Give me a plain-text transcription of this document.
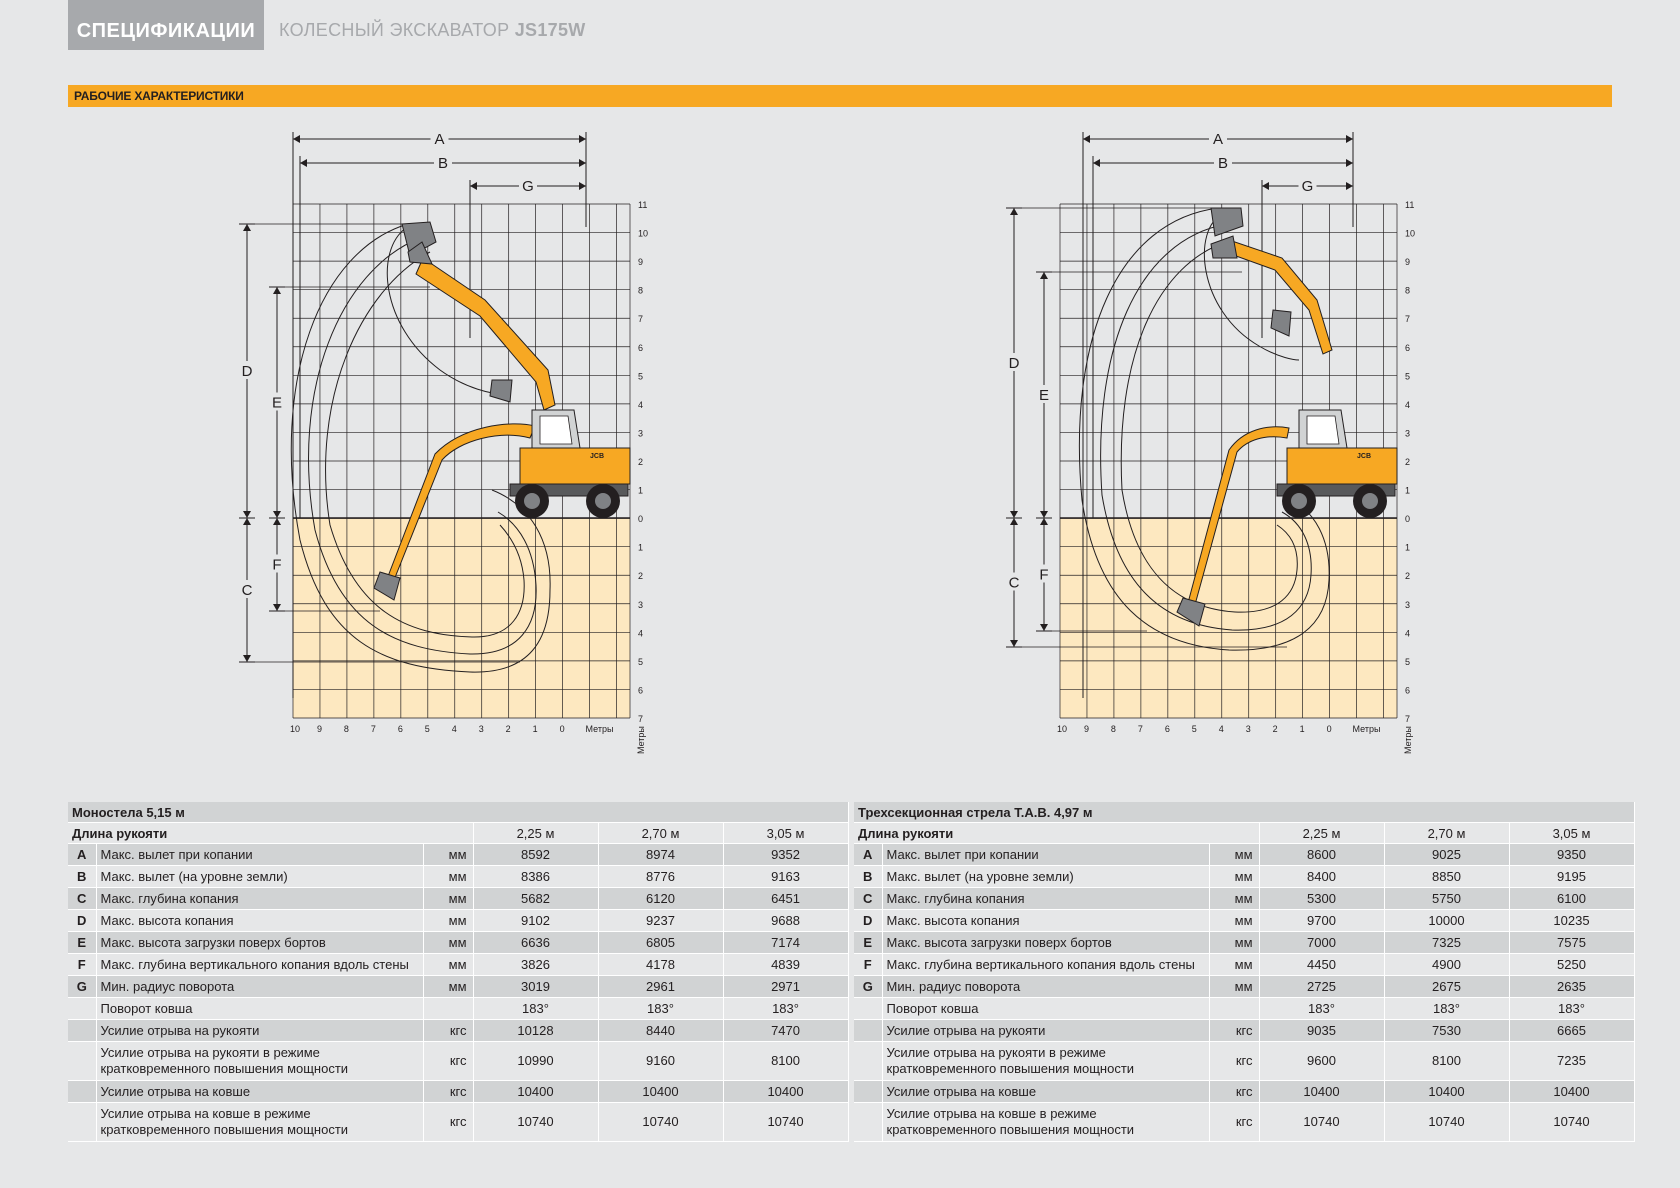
СПЕЦИФИКАЦИИ	КОЛЕСНЫЙ ЭКСКАВАТОР JS175W
РАБОЧИЕ ХАРАКТЕРИСТИКИ
11
10
9
8
7
6
5
4
3
2
1
0
1
2
3
4
5
6
7
10 9 8 7 6 5 4 3 2 1 0 Метры	Метры
A
B
G
D
E
C
F
JCB
11
10
9
8
7
6
5
4
3
2
1
0
1
2
3
4
5
6
7
10 9 8 7 6 5 4 3 2 1 0 Метры	Метры
A
B
G
D
E
C F
JCB
Моностела 5,15 м					
Длина рукояти			2,25 м	2,70 м	3,05 м
A	Макс. вылет при копании	мм	8592	8974	9352
B	Макс. вылет (на уровне земли)	мм	8386	8776	9163
C	Макс. глубина копания	мм	5682	6120	6451
D	Макс. высота копания	мм	9102	9237	9688
E	Макс. высота загрузки поверх бортов	мм	6636	6805	7174
F	Макс. глубина вертикального копания вдоль стены	мм	3826	4178	4839
G	Мин. радиус поворота	мм	3019	2961	2971

	Поворот ковша		183°	183°	183°

	Усилие отрыва на рукояти	кгс	10128	8440	7470

	Усилие отрыва на рукояти в режиме
кратковременного повышения мощности	кгс	10990	9160	8100

	Усилие отрыва на ковше	кгс	10400	10400	10400

	Усилие отрыва на ковше в режиме
кратковременного повышения мощности	кгс	10740	10740	10740
Трехсекционная стрела T.A.B. 4,97 м					
Длина рукояти			2,25 м	2,70 м	3,05 м
A	Макс. вылет при копании	мм	8600	9025	9350
B	Макс. вылет (на уровне земли)	мм	8400	8850	9195
C	Макс. глубина копания	мм	5300	5750	6100
D	Макс. высота копания	мм	9700	10000	10235
E	Макс. высота загрузки поверх бортов	мм	7000	7325	7575
F	Макс. глубина вертикального копания вдоль стены	мм	4450	4900	5250
G	Мин. радиус поворота	мм	2725	2675	2635

	Поворот ковша		183°	183°	183°

	Усилие отрыва на рукояти	кгс	9035	7530	6665

	Усилие отрыва на рукояти в режиме
кратковременного повышения мощности	кгс	9600	8100	7235

	Усилие отрыва на ковше	кгс	10400	10400	10400

	Усилие отрыва на ковше в режиме
кратковременного повышения мощности	кгс	10740	10740	10740
